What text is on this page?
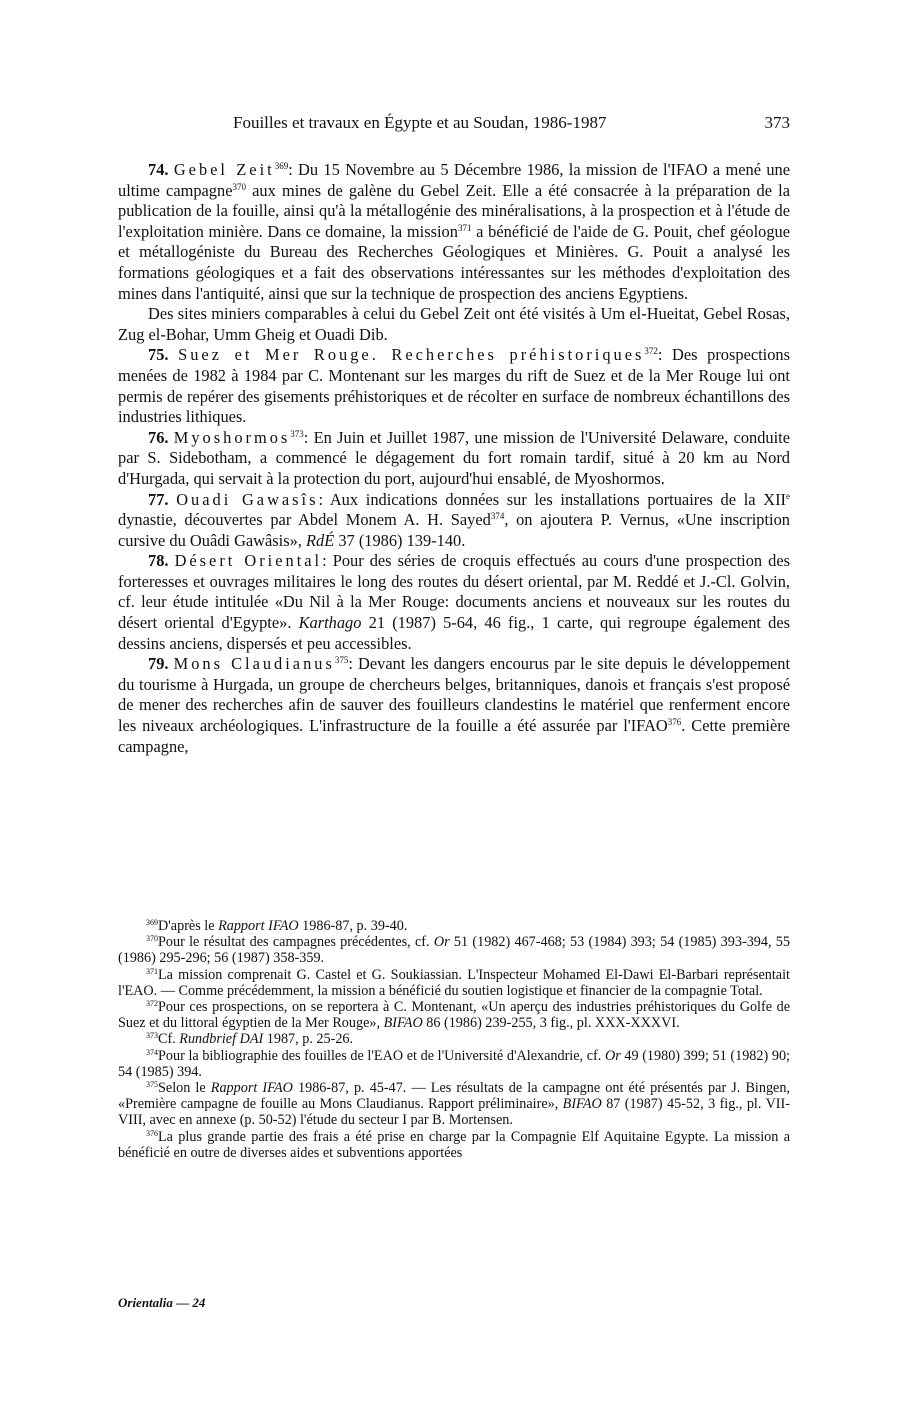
Fouilles et travaux en Égypte et au Soudan, 1986-1987	373

74. Gebel Zeit$^{369}$: Du 15 Novembre au 5 Décembre 1986, la mission de l'IFAO a mené une ultime campagne$^{370}$ aux mines de galène du Gebel Zeit. Elle a été consacrée à la préparation de la publication de la fouille, ainsi qu'à la métallogénie des minéralisations, à la prospection et à l'étude de l'exploitation minière. Dans ce domaine, la mission$^{371}$ a bénéficié de l'aide de G. Pouit, chef géologue et métallogéniste du Bureau des Recherches Géologiques et Minières. G. Pouit a analysé les formations géologiques et a fait des observations intéressantes sur les méthodes d'exploitation des mines dans l'antiquité, ainsi que sur la technique de prospection des anciens Egyptiens.

Des sites miniers comparables à celui du Gebel Zeit ont été visités à Um el-Hueitat, Gebel Rosas, Zug el-Bohar, Umm Gheig et Ouadi Dib.

75. Suez et Mer Rouge. Recherches préhistoriques$^{372}$: Des prospections menées de 1982 à 1984 par C. Montenant sur les marges du rift de Suez et de la Mer Rouge lui ont permis de repérer des gisements préhistoriques et de récolter en surface de nombreux échantillons des industries lithiques.

76. Myoshormos$^{373}$: En Juin et Juillet 1987, une mission de l'Université Delaware, conduite par S. Sidebotham, a commencé le dégagement du fort romain tardif, situé à 20 km au Nord d'Hurgada, qui servait à la protection du port, aujourd'hui ensablé, de Myoshormos.

77. Ouadi Gawasîs: Aux indications données sur les installations portuaires de la XIIe dynastie, découvertes par Abdel Monem A. H. Sayed$^{374}$, on ajoutera P. Vernus, «Une inscription cursive du Ouâdi Gawâsis», RdÉ 37 (1986) 139-140.

78. Désert Oriental: Pour des séries de croquis effectués au cours d'une prospection des forteresses et ouvrages militaires le long des routes du désert oriental, par M. Reddé et J.-Cl. Golvin, cf. leur étude intitulée «Du Nil à la Mer Rouge: documents anciens et nouveaux sur les routes du désert oriental d'Egypte». Karthago 21 (1987) 5-64, 46 fig., 1 carte, qui regroupe également des dessins anciens, dispersés et peu accessibles.

79. Mons Claudianus$^{375}$: Devant les dangers encourus par le site depuis le développement du tourisme à Hurgada, un groupe de chercheurs belges, britanniques, danois et français s'est proposé de mener des recherches afin de sauver des fouilleurs clandestins le matériel que renferment encore les niveaux archéologiques. L'infrastructure de la fouille a été assurée par l'IFAO$^{376}$. Cette première campagne,

$^{369}$D'après le Rapport IFAO 1986-87, p. 39-40.

$^{370}$Pour le résultat des campagnes précédentes, cf. Or 51 (1982) 467-468; 53 (1984) 393; 54 (1985) 393-394, 55 (1986) 295-296; 56 (1987) 358-359.

$^{371}$La mission comprenait G. Castel et G. Soukiassian. L'Inspecteur Mohamed El-Dawi El-Barbari représentait l'EAO. — Comme précédemment, la mission a bénéficié du soutien logistique et financier de la compagnie Total.

$^{372}$Pour ces prospections, on se reportera à C. Montenant, «Un aperçu des industries préhistoriques du Golfe de Suez et du littoral égyptien de la Mer Rouge», BIFAO 86 (1986) 239-255, 3 fig., pl. XXX-XXXVI.

$^{373}$Cf. Rundbrief DAI 1987, p. 25-26.

$^{374}$Pour la bibliographie des fouilles de l'EAO et de l'Université d'Alexandrie, cf. Or 49 (1980) 399; 51 (1982) 90; 54 (1985) 394.

$^{375}$Selon le Rapport IFAO 1986-87, p. 45-47. — Les résultats de la campagne ont été présentés par J. Bingen, «Première campagne de fouille au Mons Claudianus. Rapport préliminaire», BIFAO 87 (1987) 45-52, 3 fig., pl. VII-VIII, avec en annexe (p. 50-52) l'étude du secteur I par B. Mortensen.

$^{376}$La plus grande partie des frais a été prise en charge par la Compagnie Elf Aquitaine Egypte. La mission a bénéficié en outre de diverses aides et subventions apportées

Orientalia — 24
